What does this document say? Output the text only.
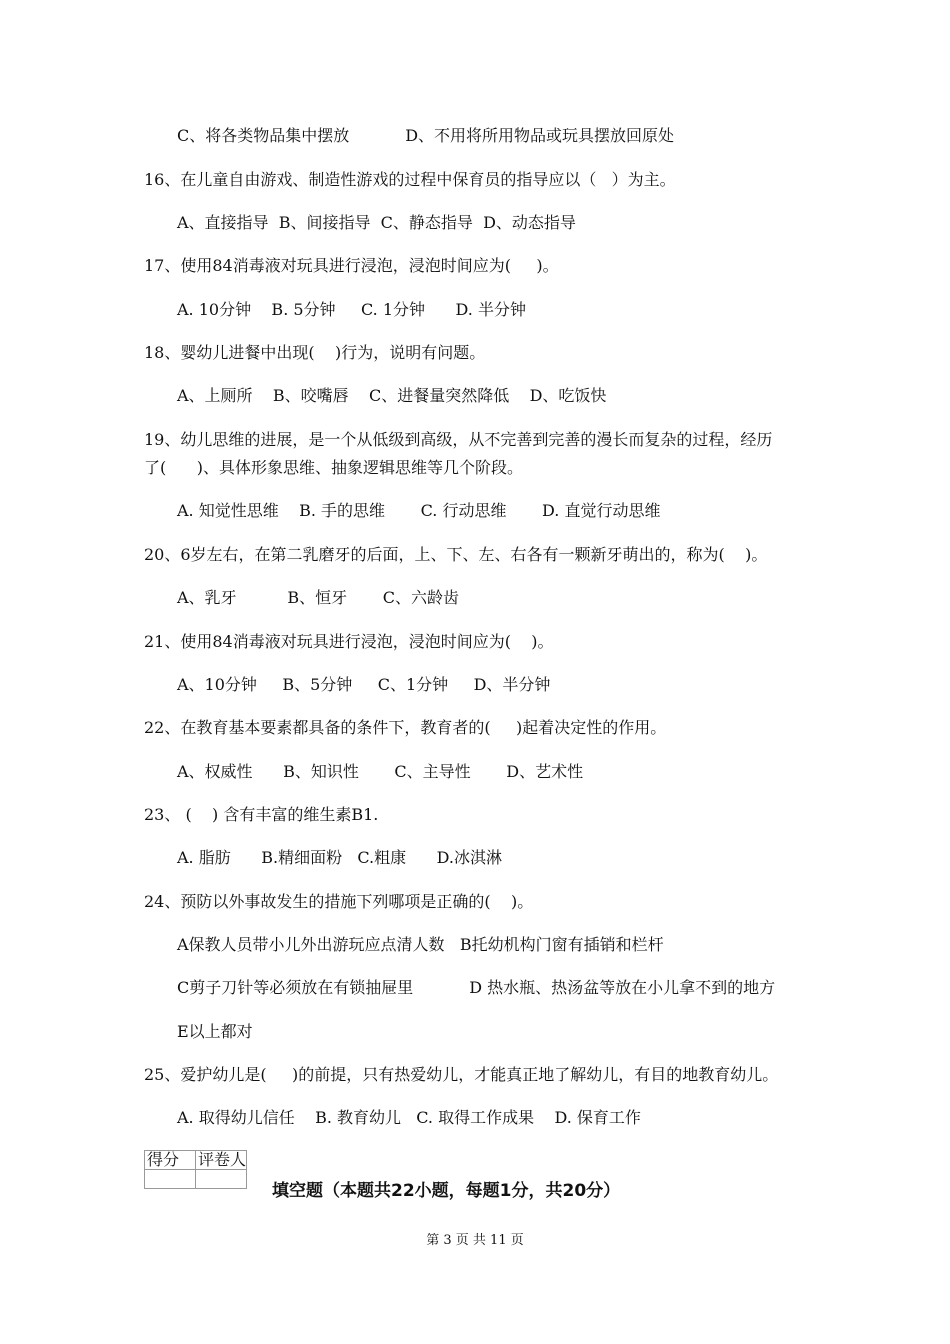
C、将各类物品集中摆放           D、不用将所用物品或玩具摆放回原处
16、在儿童自由游戏、制造性游戏的过程中保育员的指导应以（   ）为主。
A、直接指导  B、间接指导  C、静态指导  D、动态指导
17、使用84消毒液对玩具进行浸泡，浸泡时间应为(     )。
A. 10分钟    B. 5分钟     C. 1分钟      D. 半分钟
18、婴幼儿进餐中出现(    )行为，说明有问题。
A、上厕所    B、咬嘴唇    C、进餐量突然降低    D、吃饭快
19、幼儿思维的进展，是一个从低级到高级，从不完善到完善的漫长而复杂的过程，经历
了(      )、具体形象思维、抽象逻辑思维等几个阶段。
A. 知觉性思维    B. 手的思维       C. 行动思维       D. 直觉行动思维
20、6岁左右，在第二乳磨牙的后面，上、下、左、右各有一颗新牙萌出的，称为(    )。
A、乳牙          B、恒牙       C、六龄齿
21、使用84消毒液对玩具进行浸泡，浸泡时间应为(    )。
A、10分钟     B、5分钟     C、1分钟     D、半分钟
22、在教育基本要素都具备的条件下，教育者的(     )起着决定性的作用。
A、权威性      B、知识性       C、主导性       D、艺术性
23、 (    ) 含有丰富的维生素B1.
A. 脂肪      B.精细面粉   C.粗康      D.冰淇淋
24、预防以外事故发生的措施下列哪项是正确的(    )。
A保教人员带小儿外出游玩应点清人数   B托幼机构门窗有插销和栏杆
C剪子刀针等必须放在有锁抽屉里           D 热水瓶、热汤盆等放在小儿拿不到的地方
E以上都对
25、爱护幼儿是(     )的前提，只有热爱幼儿，才能真正地了解幼儿，有目的地教育幼儿。
A. 取得幼儿信任    B. 教育幼儿   C. 取得工作成果    D. 保育工作
得分	评卷人

填空题（本题共22小题，每题1分，共20分）
第 3 页 共 11 页
